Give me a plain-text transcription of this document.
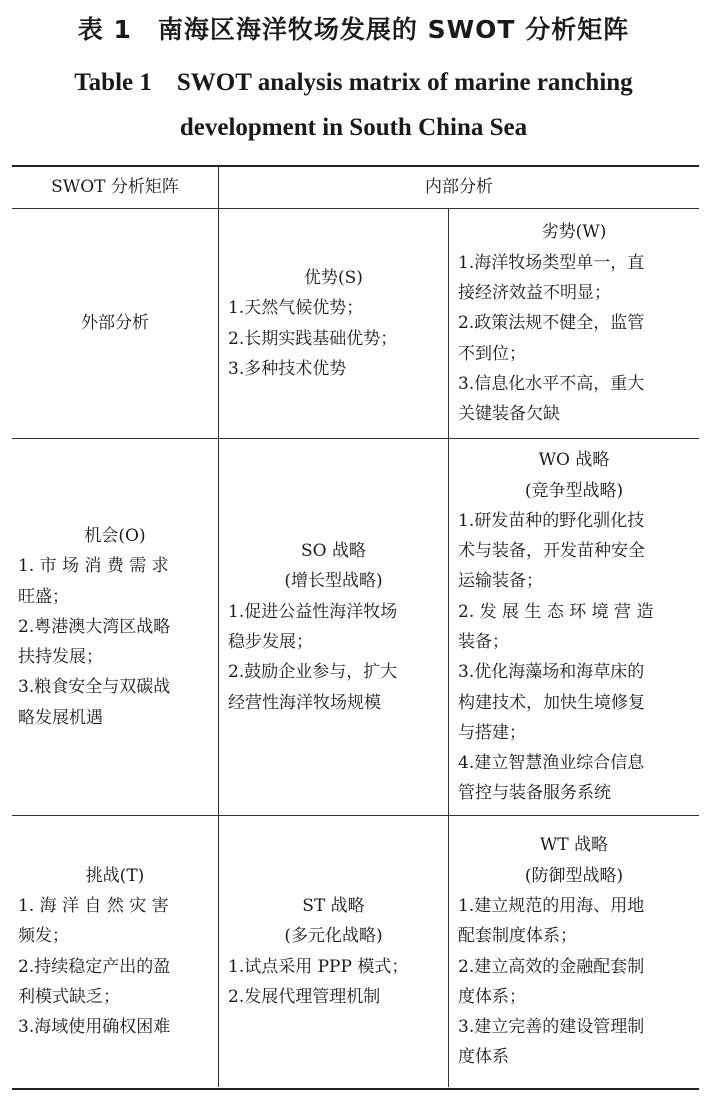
表 1　南海区海洋牧场发展的 SWOT 分析矩阵
Table 1　SWOT analysis matrix of marine ranching
development in South China Sea
SWOT 分析矩阵	内部分析
外部分析
优势(S)
1.天然气候优势；
2.长期实践基础优势；
3.多种技术优势
劣势(W)
1.海洋牧场类型单一，直
接经济效益不明显；
2.政策法规不健全，监管
不到位；
3.信息化水平不高，重大
关键装备欠缺
机会(O)
1. 市 场 消 费 需 求
旺盛；
2.粤港澳大湾区战略
扶持发展；
3.粮食安全与双碳战
略发展机遇
SO 战略
(增长型战略)
1.促进公益性海洋牧场
稳步发展；
2.鼓励企业参与，扩大
经营性海洋牧场规模
WO 战略
(竞争型战略)
1.研发苗种的野化驯化技
术与装备，开发苗种安全
运输装备；
2. 发 展 生 态 环 境 营 造
装备；
3.优化海藻场和海草床的
构建技术，加快生境修复
与搭建；
4.建立智慧渔业综合信息
管控与装备服务系统
挑战(T)
1. 海 洋 自 然 灾 害
频发；
2.持续稳定产出的盈
利模式缺乏；
3.海域使用确权困难
ST 战略
(多元化战略)
1.试点采用 PPP 模式；
2.发展代理管理机制
WT 战略
(防御型战略)
1.建立规范的用海、用地
配套制度体系；
2.建立高效的金融配套制
度体系；
3.建立完善的建设管理制
度体系
